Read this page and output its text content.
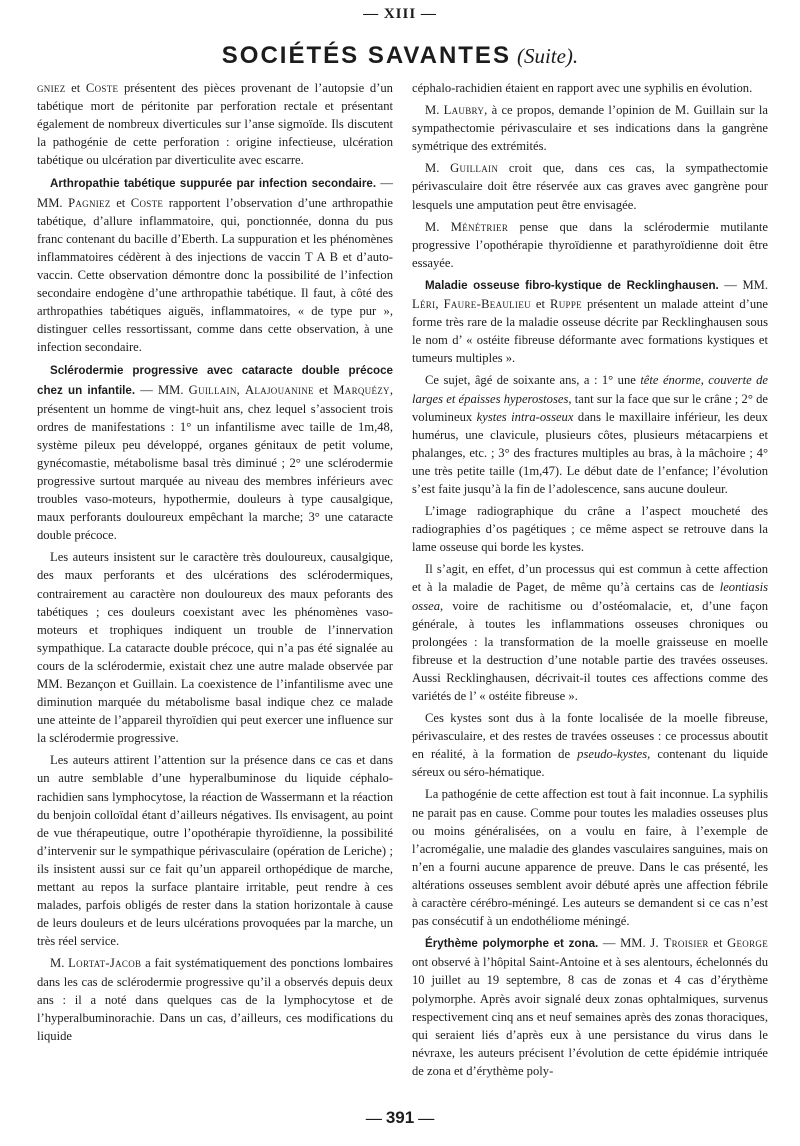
— XIII —
SOCIÉTÉS SAVANTES (Suite).

gniez et Coste présentent des pièces provenant de l’autopsie d’un tabétique mort de péritonite par perforation rectale et présentant également de nombreux diverticules sur l’anse sigmoïde. Ils discutent la pathogénie de cette perforation : origine infectieuse, ulcération tabétique ou ulcération par diverticulite avec escarre.

Arthropathie tabétique suppurée par infection secondaire. — MM. Pagniez et Coste rapportent l’observation d’une arthropathie tabétique, d’allure inflammatoire, qui, ponctionnée, donna du pus franc contenant du bacille d’Eberth. La suppuration et les phénomènes inflammatoires cédèrent à des injections de vaccin T A B et d’auto-vaccin. Cette observation démontre donc la possibilité de l’infection secondaire endogène d’une arthropathie tabétique. Il faut, à côté des arthropathies tabétiques aiguës, inflammatoires, « de type pur », distinguer celles ressortissant, comme dans cette observation, à une infection secondaire.

Sclérodermie progressive avec cataracte double précoce chez un infantile. — MM. Guillain, Alajouanine et Marquézy, présentent un homme de vingt-huit ans, chez lequel s’associent trois ordres de manifestations : 1° un infantilisme avec taille de 1m,48, système pileux peu développé, organes génitaux de petit volume, gynécomastie, métabolisme basal très diminué ; 2° une sclérodermie progressive surtout marquée au niveau des membres inférieurs avec troubles vaso-moteurs, hypothermie, douleurs à type causalgique, maux perforants douloureux empêchant la marche; 3° une cataracte double précoce.

Les auteurs insistent sur le caractère très douloureux, causalgique, des maux perforants et des ulcérations des sclérodermiques, contrairement au caractère non douloureux des maux peforants des tabétiques ; ces douleurs coexistant avec les phénomènes vaso-moteurs et trophiques indiquent un trouble de l’innervation sympathique. La cataracte double précoce, qui n’a pas été signalée au cours de la sclérodermie, existait chez une autre malade observée par MM. Bezançon et Guillain. La coexistence de l’infantilisme avec une diminution marquée du métabolisme basal indique chez ce malade une atteinte de l’appareil thyroïdien qui peut exercer une influence sur la sclérodermie progressive.

Les auteurs attirent l’attention sur la présence dans ce cas et dans un autre semblable d’une hyperalbuminose du liquide céphalo-rachidien sans lymphocytose, la réaction de Wassermann et la réaction du benjoin colloïdal étant d’ailleurs négatives. Ils envisagent, au point de vue thérapeutique, outre l’opothérapie thyroïdienne, la possibilité d’intervenir sur le sympathique périvasculaire (opération de Leriche) ; ils insistent aussi sur ce fait qu’un appareil orthopédique de marche, mettant au repos la surface plantaire irritable, peut rendre à ces malades, parfois obligés de rester dans la station horizontale à cause de leurs douleurs et de leurs ulcérations provoquées par la marche, un très réel service.

M. Lortat-Jacob a fait systématiquement des ponctions lombaires dans les cas de sclérodermie progressive qu’il a observés depuis deux ans : il a noté dans quelques cas de la lymphocytose et de l’hyperalbuminorachie. Dans un cas, d’ailleurs, ces modifications du liquide

céphalo-rachidien étaient en rapport avec une syphilis en évolution.

M. Laubry, à ce propos, demande l’opinion de M. Guillain sur la sympathectomie périvasculaire et ses indications dans la gangrène symétrique des extrémités.

M. Guillain croit que, dans ces cas, la sympathectomie périvasculaire doit être réservée aux cas graves avec gangrène pour lesquels une amputation peut être envisagée.

M. Ménétrier pense que dans la sclérodermie mutilante progressive l’opothérapie thyroïdienne et parathyroïdienne doit être essayée.

Maladie osseuse fibro-kystique de Recklinghausen. — MM. Léri, Faure-Beaulieu et Ruppe présentent un malade atteint d’une forme très rare de la maladie osseuse décrite par Recklinghausen sous le nom d’ « ostéite fibreuse déformante avec formations kystiques et tumeurs multiples ».

Ce sujet, âgé de soixante ans, a : 1° une tête énorme, couverte de larges et épaisses hyperostoses, tant sur la face que sur le crâne ; 2° de volumineux kystes intra-osseux dans le maxillaire inférieur, les deux humérus, une clavicule, plusieurs côtes, plusieurs métacarpiens et phalanges, etc. ; 3° des fractures multiples au bras, à la mâchoire ; 4° une très petite taille (1m,47). Le début date de l’enfance; l’évolution s’est faite jusqu’à la fin de l’adolescence, sans aucune douleur.

L’image radiographique du crâne a l’aspect moucheté des radiographies d’os pagétiques ; ce même aspect se retrouve dans la lame osseuse qui borde les kystes.

Il s’agit, en effet, d’un processus qui est commun à cette affection et à la maladie de Paget, de même qu’à certains cas de leontiasis ossea, voire de rachitisme ou d’ostéomalacie, et, d’une façon générale, à toutes les inflammations osseuses chroniques ou prolongées : la transformation de la moelle graisseuse en moelle fibreuse et la destruction d’une notable partie des travées osseuses. Aussi Recklinghausen, décrivait-il toutes ces affections comme des variétés de l’ « ostéite fibreuse ».

Ces kystes sont dus à la fonte localisée de la moelle fibreuse, périvasculaire, et des restes de travées osseuses : ce processus aboutit en réalité, à la formation de pseudo-kystes, contenant du liquide séreux ou séro-hématique.

La pathogénie de cette affection est tout à fait inconnue. La syphilis ne parait pas en cause. Comme pour toutes les maladies osseuses plus ou moins généralisées, on a voulu en faire, à l’exemple de l’acromégalie, une maladie des glandes vasculaires sanguines, mais on n’en a fourni aucune apparence de preuve. Dans le cas présenté, les altérations osseuses semblent avoir débuté après une affection fébrile à caractère cérébro-méningé. Les auteurs se demandent si ce cas n’est pas consécutif à un endothéliome méningé.

Érythème polymorphe et zona. — MM. J. Troisier et George ont observé à l’hôpital Saint-Antoine et à ses alentours, échelonnés du 10 juillet au 19 septembre, 8 cas de zonas et 4 cas d’érythème polymorphe. Après avoir signalé deux zonas ophtalmiques, survenus respectivement cinq ans et neuf semaines après des zonas thoraciques, qui seraient liés d’après eux à une persistance du virus dans le névraxe, les auteurs précisent l’évolution de cette épidémie intriquée de zona et d’érythème poly-

— 391 —
